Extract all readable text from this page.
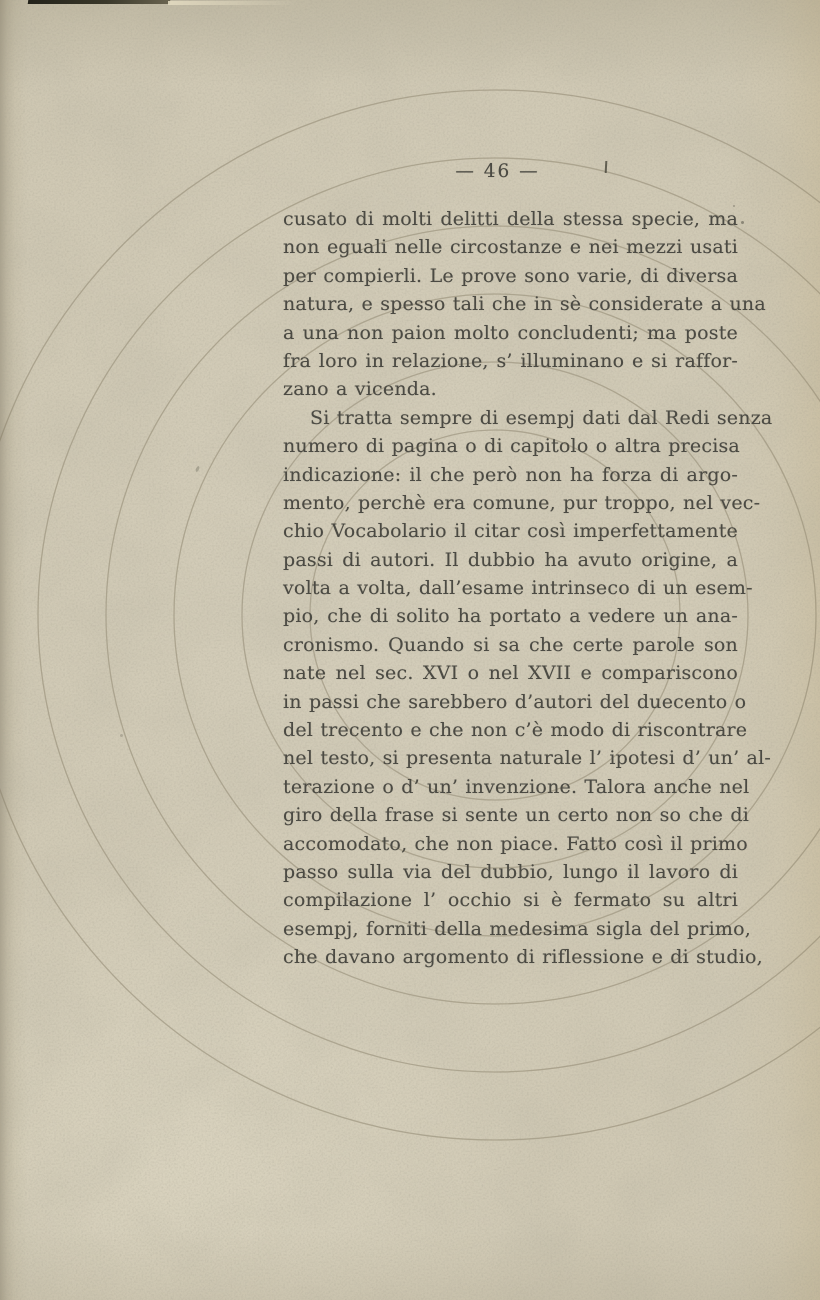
— 46 —
cusato di molti delitti della stessa specie, ma
non eguali nelle circostanze e nei mezzi usati
per compierli. Le prove sono varie, di diversa
natura, e spesso tali che in sè considerate a una
a una non paion molto concludenti; ma poste
fra loro in relazione, s’ illuminano e si raffor-
zano a vicenda.
Si tratta sempre di esempj dati dal Redi senza
numero di pagina o di capitolo o altra precisa
indicazione: il che però non ha forza di argo-
mento, perchè era comune, pur troppo, nel vec-
chio Vocabolario il citar così imperfettamente
passi di autori. Il dubbio ha avuto origine, a
volta a volta, dall’esame intrinseco di un esem-
pio, che di solito ha portato a vedere un ana-
cronismo. Quando si sa che certe parole son
nate nel sec. XVI o nel XVII e compariscono
in passi che sarebbero d’autori del duecento o
del trecento e che non c’è modo di riscontrare
nel testo, si presenta naturale l’ ipotesi d’ un’ al-
terazione o d’ un’ invenzione. Talora anche nel
giro della frase si sente un certo non so che di
accomodato, che non piace. Fatto così il primo
passo sulla via del dubbio, lungo il lavoro di
compilazione l’ occhio si è fermato su altri
esempj, forniti della medesima sigla del primo,
che davano argomento di riflessione e di studio,
